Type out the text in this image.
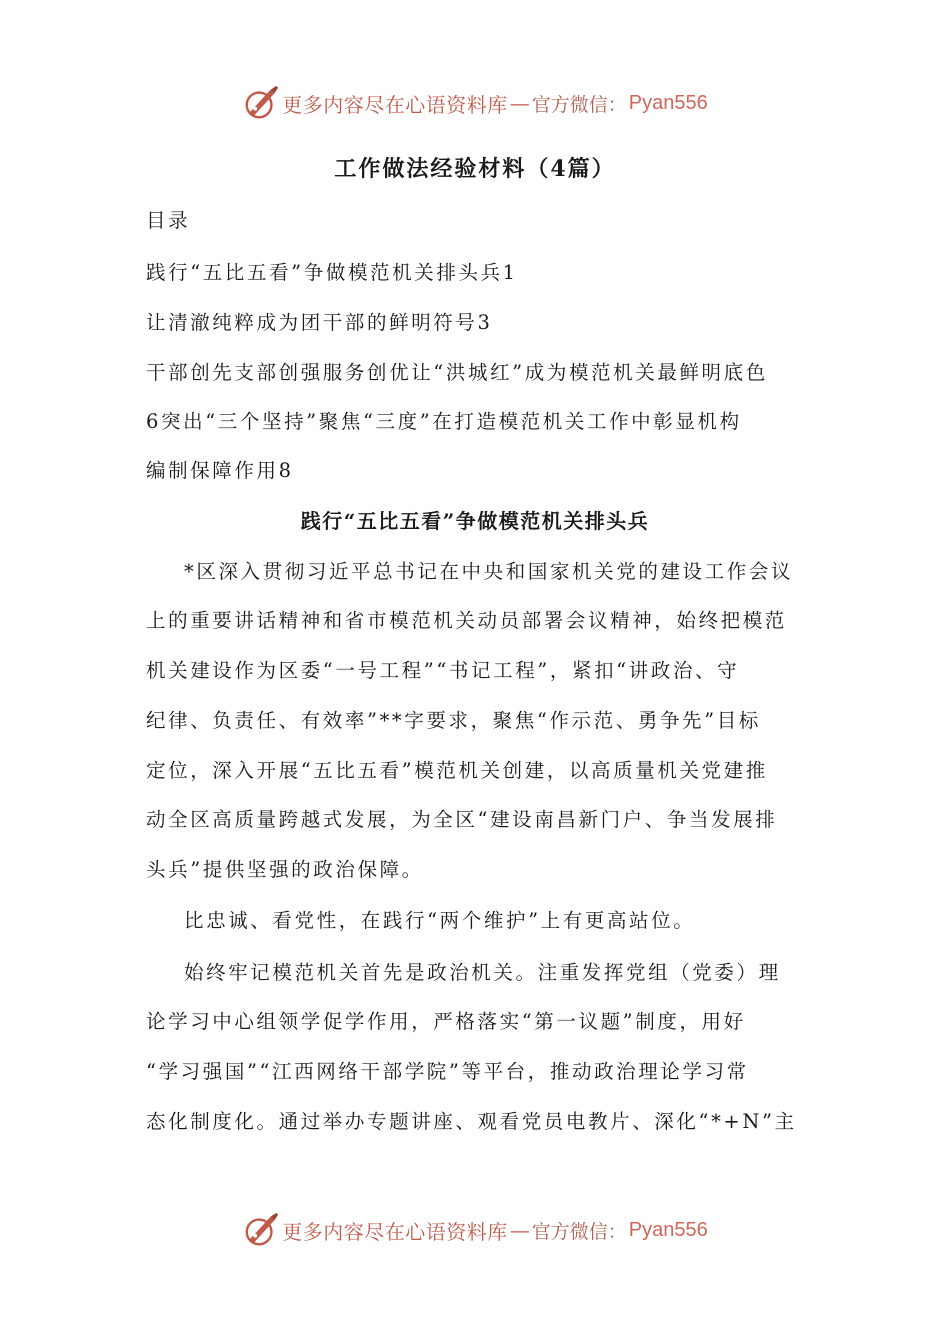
更多内容尽在心语资料库 — 官方微信： Pyan556
工作做法经验材料（4篇）
目录
践行“五比五看”争做模范机关排头兵1
让清澈纯粹成为团干部的鲜明符号3
干部创先支部创强服务创优让“洪城红”成为模范机关最鲜明底色
6突出“三个坚持”聚焦“三度”在打造模范机关工作中彰显机构
编制保障作用8
践行“五比五看”争做模范机关排头兵
*区深入贯彻习近平总书记在中央和国家机关党的建设工作会议
上的重要讲话精神和省市模范机关动员部署会议精神，始终把模范
机关建设作为区委“一号工程”“书记工程”，紧扣“讲政治、守
纪律、负责任、有效率”**字要求，聚焦“作示范、勇争先”目标
定位，深入开展“五比五看”模范机关创建，以高质量机关党建推
动全区高质量跨越式发展，为全区“建设南昌新门户、争当发展排
头兵”提供坚强的政治保障。
比忠诚、看党性，在践行“两个维护”上有更高站位。
始终牢记模范机关首先是政治机关。注重发挥党组（党委）理
论学习中心组领学促学作用，严格落实“第一议题”制度，用好
“学习强国”“江西网络干部学院”等平台，推动政治理论学习常
态化制度化。通过举办专题讲座、观看党员电教片、深化“*+N”主
更多内容尽在心语资料库 — 官方微信： Pyan556
